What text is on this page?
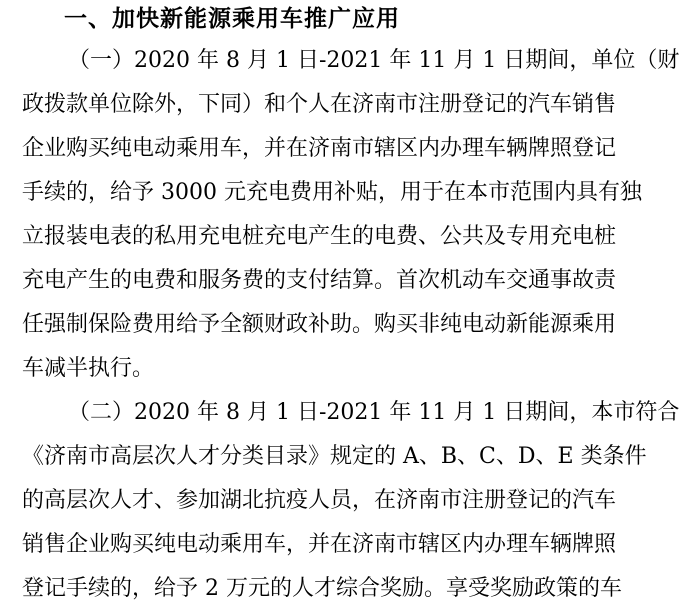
一、加快新能源乘用车推广应用

（一）2020 年 8 月 1 日-2021 年 11 月 1 日期间，单位（财

政拨款单位除外，下同）和个人在济南市注册登记的汽车销售

企业购买纯电动乘用车，并在济南市辖区内办理车辆牌照登记

手续的，给予 3000 元充电费用补贴，用于在本市范围内具有独

立报装电表的私用充电桩充电产生的电费、公共及专用充电桩

充电产生的电费和服务费的支付结算。首次机动车交通事故责

任强制保险费用给予全额财政补助。购买非纯电动新能源乘用

车减半执行。

（二）2020 年 8 月 1 日-2021 年 11 月 1 日期间，本市符合

《济南市高层次人才分类目录》规定的 A、B、C、D、E 类条件

的高层次人才、参加湖北抗疫人员，在济南市注册登记的汽车

销售企业购买纯电动乘用车，并在济南市辖区内办理车辆牌照

登记手续的，给予 2 万元的人才综合奖励。享受奖励政策的车
